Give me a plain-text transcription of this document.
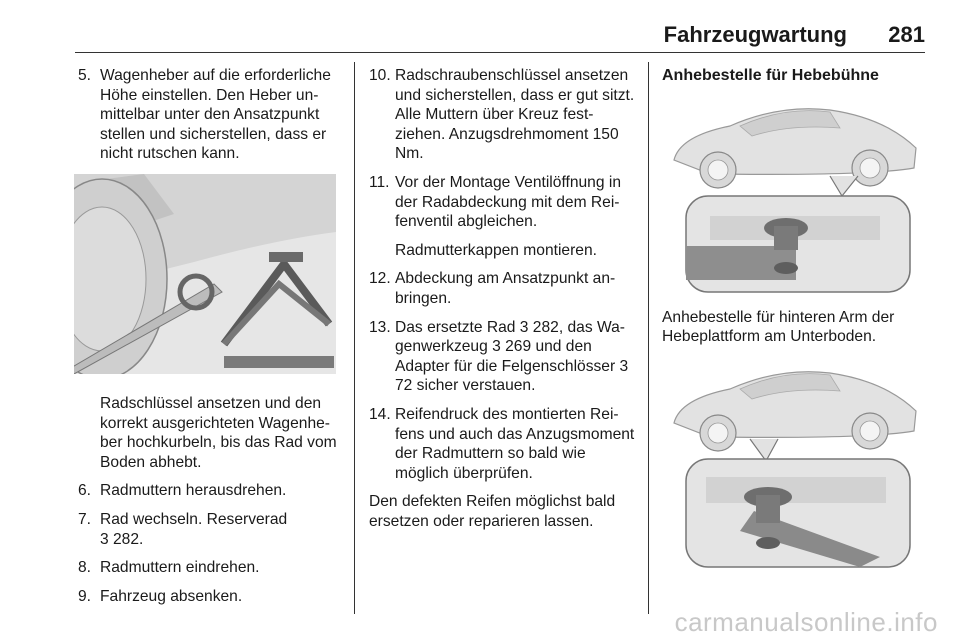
Fahrzeugwartung 281
5. Wagenheber auf die erforderliche Höhe einstellen. Den Heber unmittelbar unter den Ansatzpunkt stellen und sicherstellen, dass er nicht rutschen kann.
Radschlüssel ansetzen und den korrekt ausgerichteten Wagenheber hochkurbeln, bis das Rad vom Boden abhebt.
6. Radmuttern herausdrehen.
7. Rad wechseln. Reserverad
3 282.
8. Radmuttern eindrehen.
9. Fahrzeug absenken.
10. Radschraubenschlüssel ansetzen und sicherstellen, dass er gut sitzt. Alle Muttern über Kreuz festziehen. Anzugsdrehmoment 150 Nm.
11. Vor der Montage Ventilöffnung in der Radabdeckung mit dem Reifenventil abgleichen.
Radmutterkappen montieren.
12. Abdeckung am Ansatzpunkt anbringen.
13. Das ersetzte Rad 3 282, das Wagenwerkzeug 3 269 und den Adapter für die Felgenschlösser 3 72 sicher verstauen.
14. Reifendruck des montierten Reifens und auch das Anzugsmoment der Radmuttern so bald wie möglich überprüfen.

Den defekten Reifen möglichst bald ersetzen oder reparieren lassen.

Anhebestelle für Hebebühne
Anhebestelle für hinteren Arm der Hebeplattform am Unterboden.
carmanualsonline.info
